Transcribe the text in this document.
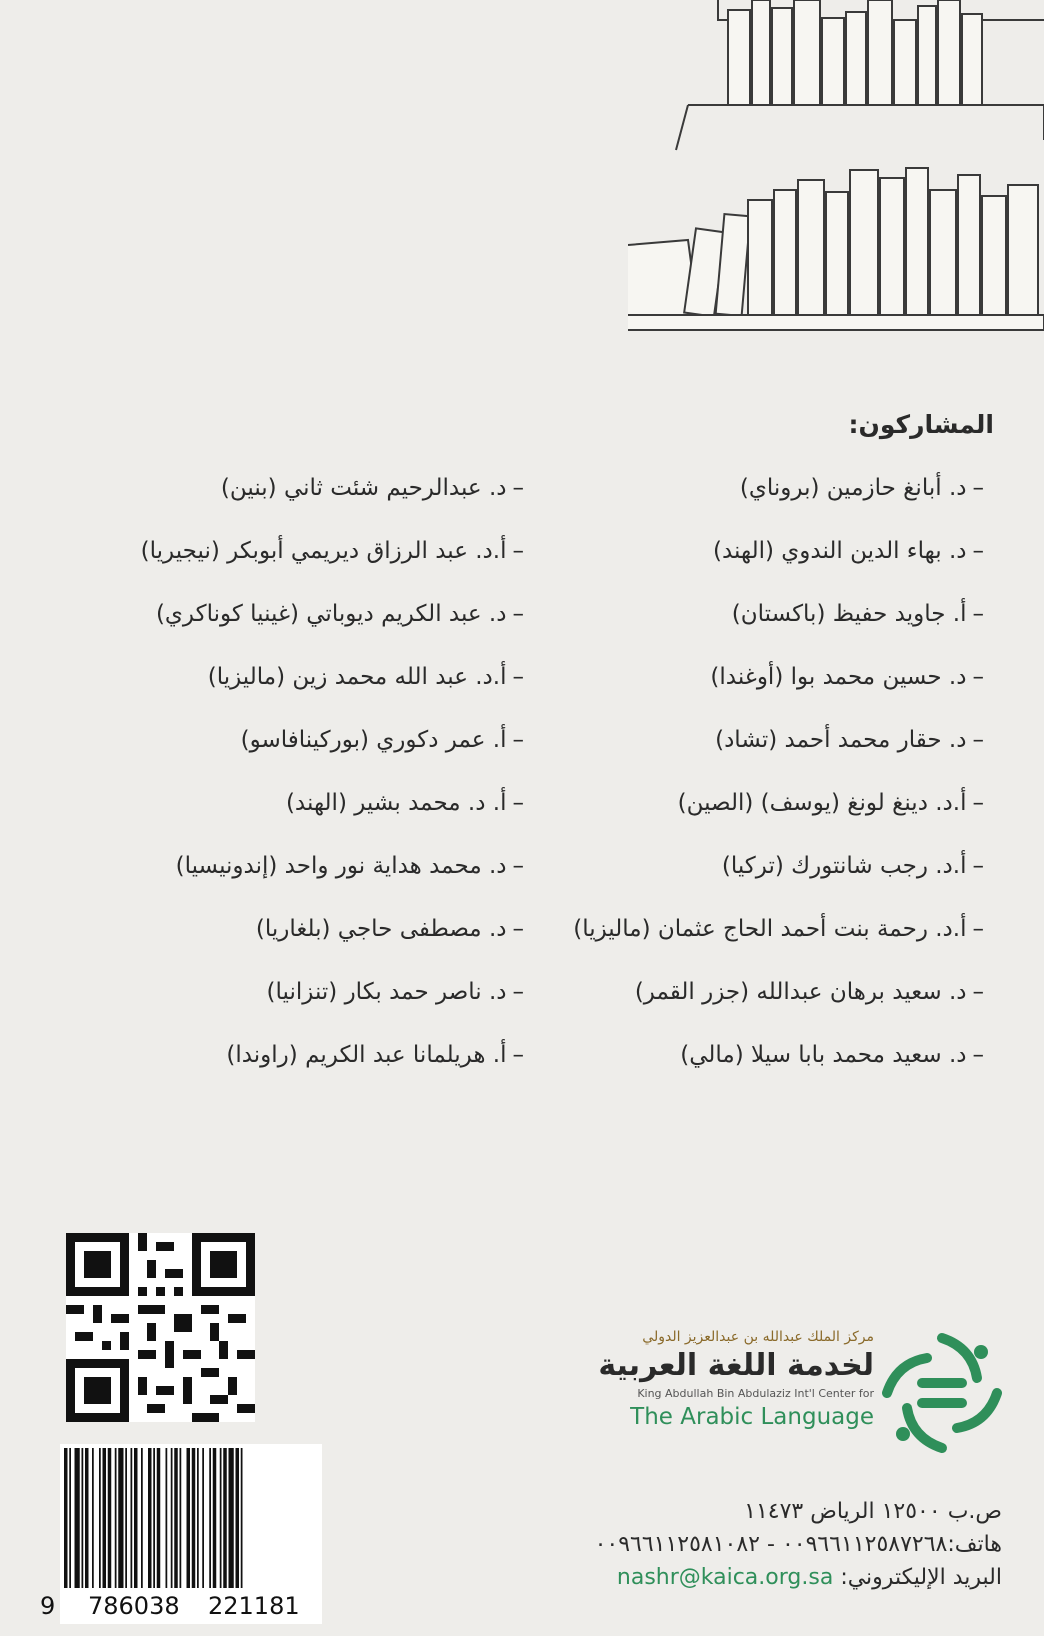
المشاركون:
–د. أبانغ حازمين (بروناي)
–د. بهاء الدين الندوي (الهند)
–أ. جاويد حفيظ (باكستان)
–د. حسين محمد بوا (أوغندا)
–د. حقار محمد أحمد (تشاد)
–أ.د. دينغ لونغ (يوسف) (الصين)
–أ.د. رجب شانتورك (تركيا)
–أ.د. رحمة بنت أحمد الحاج عثمان (ماليزيا)
–د. سعيد برهان عبدالله (جزر القمر)
–د. سعيد محمد بابا سيلا (مالي)
–د. عبدالرحيم شئت ثاني (بنين)
–أ.د. عبد الرزاق ديريمي أبوبكر (نيجيريا)
–د. عبد الكريم ديوباتي (غينيا كوناكري)
–أ.د. عبد الله محمد زين (ماليزيا)
–أ. عمر دكوري (بوركينافاسو)
–أ. د. محمد بشير (الهند)
–د. محمد هداية نور واحد (إندونيسيا)
–د. مصطفى حاجي (بلغاريا)
–د. ناصر حمد بكار (تنزانيا)
–أ. هريلمانا عبد الكريم (راوندا)
9 786038 221181
مركز الملك عبدالله بن عبدالعزيز الدولي
لخدمة اللغة العربية
King Abdullah Bin Abdulaziz Int'l Center for
The Arabic Language
ص.ب ١٢٥٠٠ الرياض ١١٤٧٣
هاتف:٠٠٩٦٦١١٢٥٨٧٢٦٨ - ٠٠٩٦٦١١٢٥٨١٠٨٢
البريد الإليكتروني: nashr@kaica.org.sa
